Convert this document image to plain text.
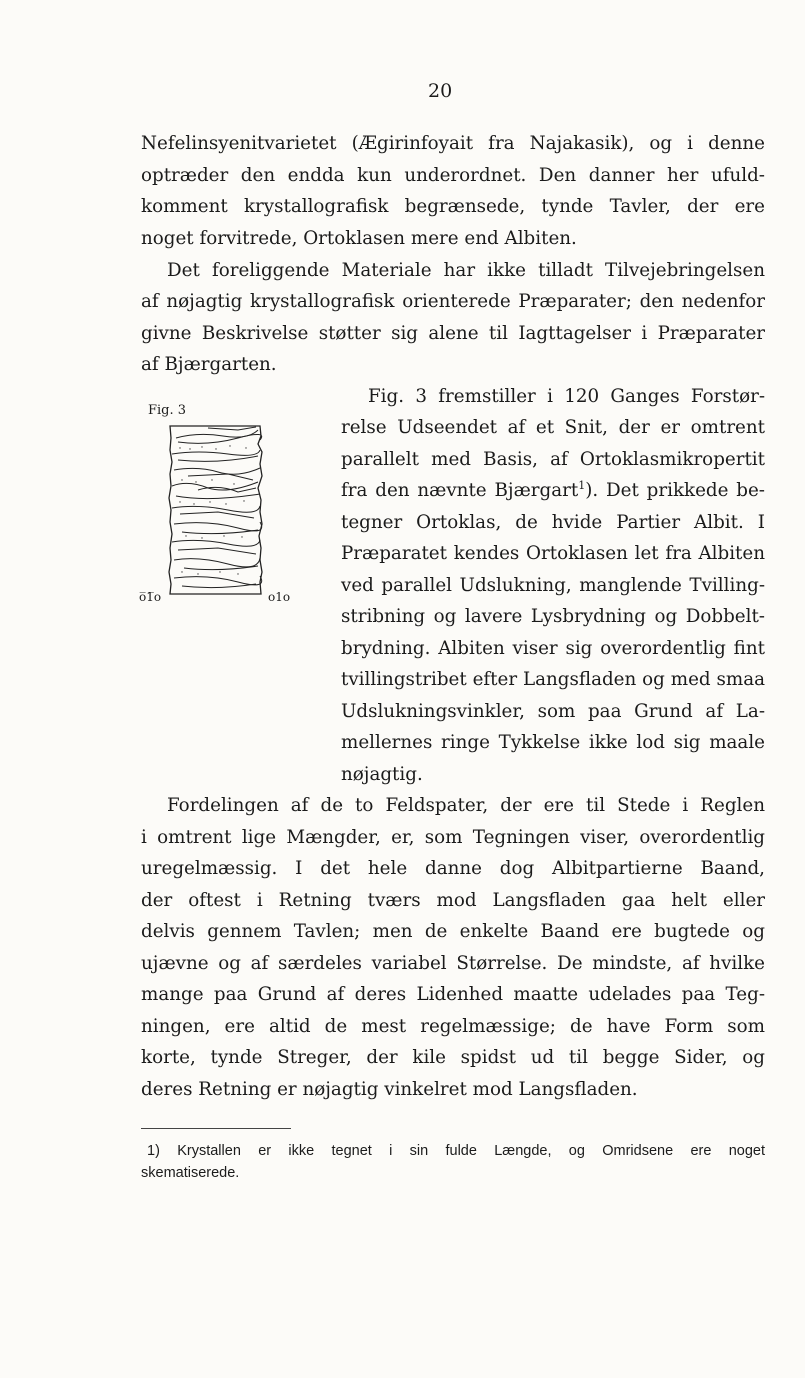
20
Nefelinsyenitvarietet (Ægirinfoyait fra Najakasik), og i denne
optræder den endda kun underordnet. Den danner her ufuld-
komment krystallografisk begrænsede, tynde Tavler, der ere
noget forvitrede, Ortoklasen mere end Albiten.
Det foreliggende Materiale har ikke tilladt Tilvejebringelsen
af nøjagtig krystallografisk orienterede Præparater; den nedenfor
givne Beskrivelse støtter sig alene til Iagttagelser i Præparater
af Bjærgarten.
Fig. 3
o̅1̅o	o1o
Fig. 3 fremstiller i 120 Ganges Forstør-
relse Udseendet af et Snit, der er omtrent
parallelt med Basis, af Ortoklasmikropertit
fra den nævnte Bjærgart$^1$). Det prikkede be-
tegner Ortoklas, de hvide Partier Albit. I
Præparatet kendes Ortoklasen let fra Albiten
ved parallel Udslukning, manglende Tvilling-
stribning og lavere Lysbrydning og Dobbelt-
brydning. Albiten viser sig overordentlig fint
tvillingstribet efter Langsfladen og med smaa
Udslukningsvinkler, som paa Grund af La-
mellernes ringe Tykkelse ikke lod sig maale
nøjagtig.
Fordelingen af de to Feldspater, der ere til Stede i Reglen
i omtrent lige Mængder, er, som Tegningen viser, overordentlig
uregelmæssig. I det hele danne dog Albitpartierne Baand,
der oftest i Retning tværs mod Langsfladen gaa helt eller
delvis gennem Tavlen; men de enkelte Baand ere bugtede og
ujævne og af særdeles variabel Størrelse. De mindste, af hvilke
mange paa Grund af deres Lidenhed maatte udelades paa Teg-
ningen, ere altid de mest regelmæssige; de have Form som
korte, tynde Streger, der kile spidst ud til begge Sider, og
deres Retning er nøjagtig vinkelret mod Langsfladen.
1) Krystallen er ikke tegnet i sin fulde Længde, og Omridsene ere noget
skematiserede.
